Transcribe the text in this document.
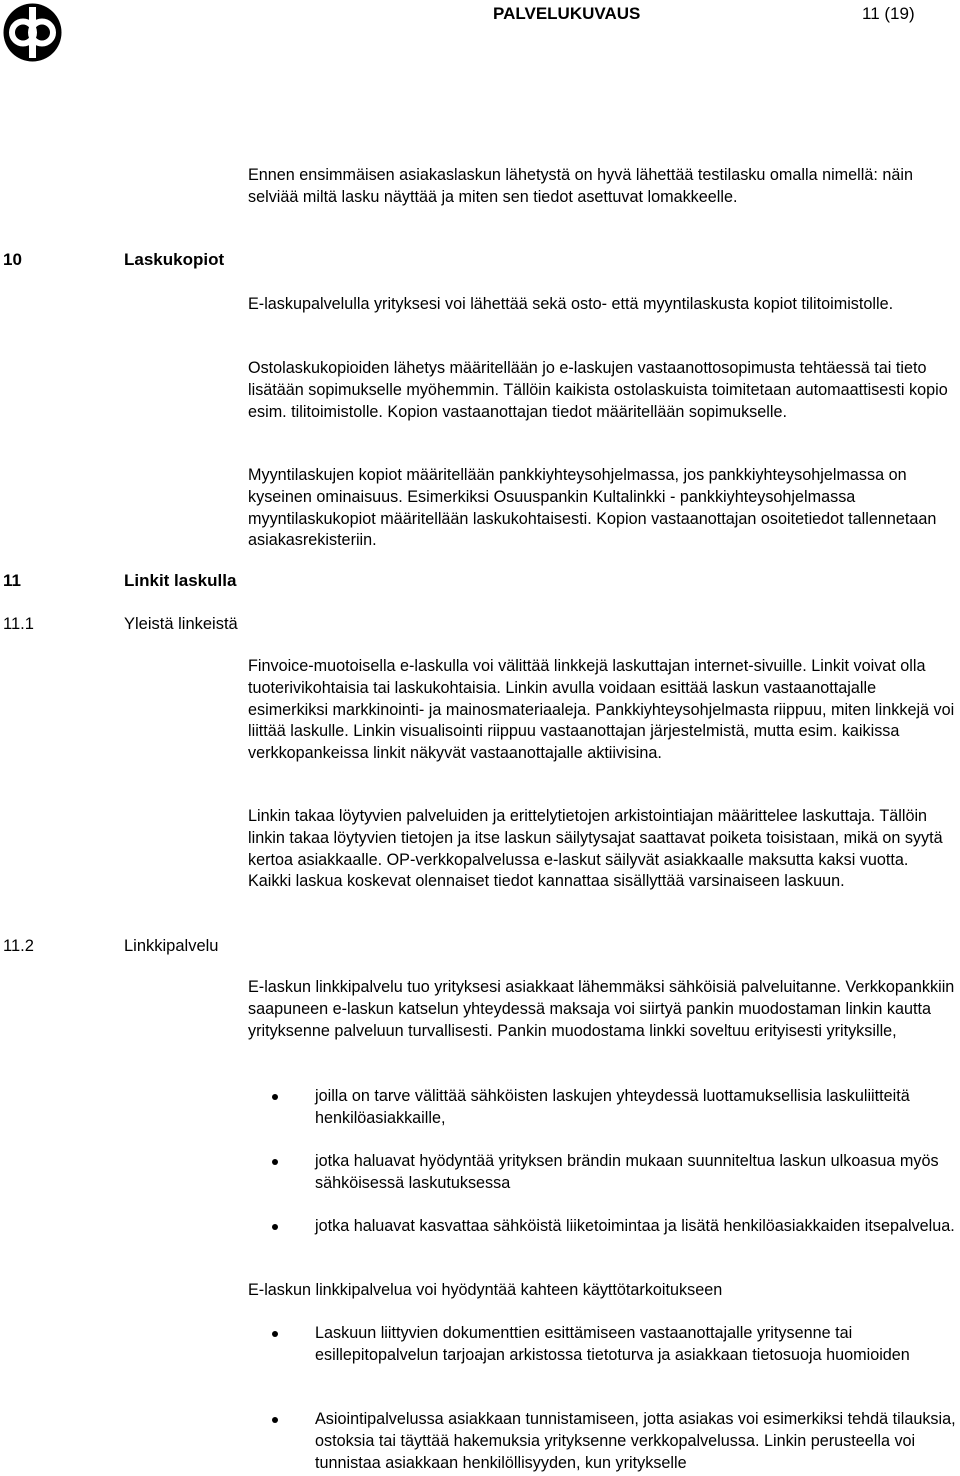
PALVELUKUVAUS	11 (19)

Ennen ensimmäisen asiakaslaskun lähetystä on hyvä lähettää testilasku omalla nimellä: näin selviää miltä lasku näyttää ja miten sen tiedot asettuvat lomakkeelle.

10	Laskukopiot

E-laskupalvelulla yrityksesi voi lähettää sekä osto- että myyntilaskusta kopiot tilitoimistolle.

Ostolaskukopioiden lähetys määritellään jo e-laskujen vastaanottosopimusta tehtäessä tai tieto lisätään sopimukselle myöhemmin. Tällöin kaikista ostolaskuista toimitetaan automaattisesti kopio esim. tilitoimistolle. Kopion vastaanottajan tiedot määritellään sopimukselle.

Myyntilaskujen kopiot määritellään pankkiyhteysohjelmassa, jos pankkiyhteysohjelmassa on kyseinen ominaisuus. Esimerkiksi Osuuspankin Kultalinkki - pankkiyhteysohjelmassa myyntilaskukopiot määritellään laskukohtaisesti. Kopion vastaanottajan osoitetiedot tallennetaan asiakasrekisteriin.

11	Linkit laskulla
11.1	Yleistä linkeistä

Finvoice-muotoisella e-laskulla voi välittää linkkejä laskuttajan internet-sivuille. Linkit voivat olla tuoterivikohtaisia tai laskukohtaisia. Linkin avulla voidaan esittää laskun vastaanottajalle esimerkiksi markkinointi- ja mainosmateriaaleja. Pankkiyhteysohjelmasta riippuu, miten linkkejä voi liittää laskulle. Linkin visualisointi riippuu vastaanottajan järjestelmistä, mutta esim. kaikissa verkkopankeissa linkit näkyvät vastaanottajalle aktiivisina.

Linkin takaa löytyvien palveluiden ja erittelytietojen arkistointiajan määrittelee laskuttaja. Tällöin linkin takaa löytyvien tietojen ja itse laskun säilytysajat saattavat poiketa toisistaan, mikä on syytä kertoa asiakkaalle. OP-verkkopalvelussa e-laskut säilyvät asiakkaalle maksutta kaksi vuotta. Kaikki laskua koskevat olennaiset tiedot kannattaa sisällyttää varsinaiseen laskuun.

11.2	Linkkipalvelu

E-laskun linkkipalvelu tuo yrityksesi asiakkaat lähemmäksi sähköisiä palveluitanne. Verkkopankkiin saapuneen e-laskun katselun yhteydessä maksaja voi siirtyä pankin muodostaman linkin kautta yrityksenne palveluun turvallisesti. Pankin muodostama linkki soveltuu erityisesti yrityksille,

joilla on tarve välittää sähköisten laskujen yhteydessä luottamuksellisia laskuliitteitä henkilöasiakkaille,

jotka haluavat hyödyntää yrityksen brändin mukaan suunniteltua laskun ulkoasua myös sähköisessä laskutuksessa

jotka haluavat kasvattaa sähköistä liiketoimintaa ja lisätä henkilöasiakkaiden itsepalvelua.

E-laskun linkkipalvelua voi hyödyntää kahteen käyttötarkoitukseen

Laskuun liittyvien dokumenttien esittämiseen vastaanottajalle yritysenne tai esillepitopalvelun tarjoajan arkistossa tietoturva ja asiakkaan tietosuoja huomioiden

Asiointipalvelussa asiakkaan tunnistamiseen, jotta asiakas voi esimerkiksi tehdä tilauksia, ostoksia tai täyttää hakemuksia yrityksenne verkkopalvelussa. Linkin perusteella voi tunnistaa asiakkaan henkilöllisyyden, kun yritykselle
